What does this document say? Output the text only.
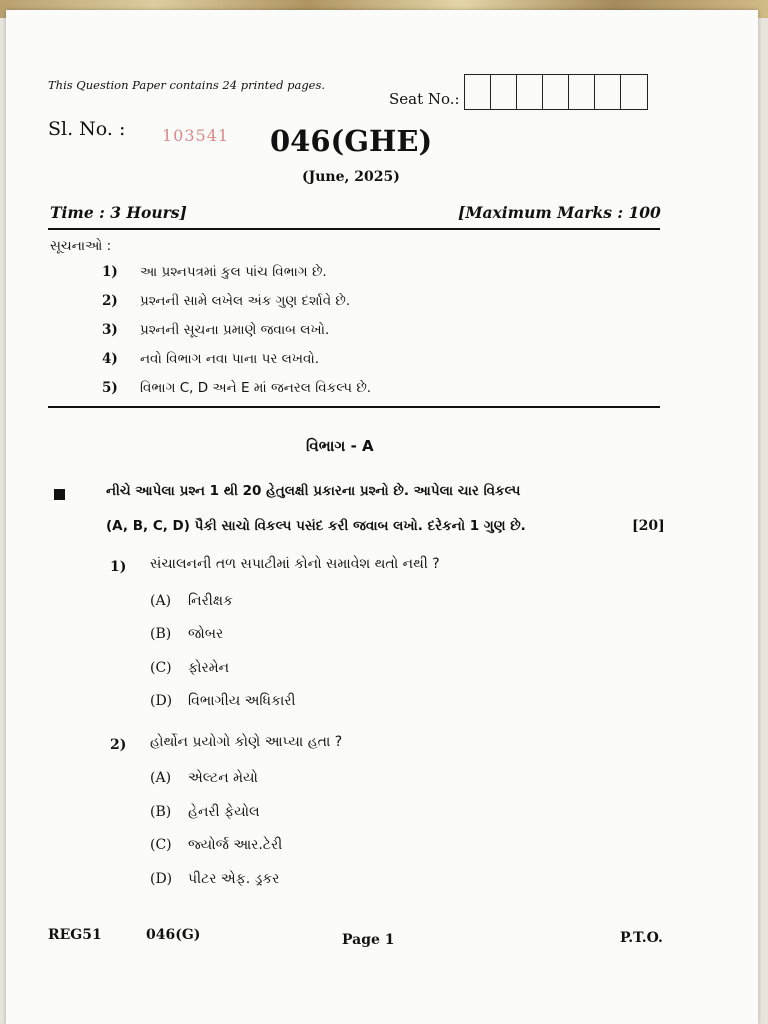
This Question Paper contains 24 printed pages.
Seat No.:
Sl. No. : 103541 046(GHE)
(June, 2025)
Time : 3 Hours]	[Maximum Marks : 100
સૂચનાઓ :
1) આ પ્રશ્નપત્રમાં કુલ પાંચ વિભાગ છે.
2) પ્રશ્નની સામે લખેલ અંક ગુણ દર્શાવે છે.
3) પ્રશ્નની સૂચના પ્રમાણે જવાબ લખો.
4) નવો વિભાગ નવા પાના પર લખવો.
5) વિભાગ C, D અને E માં જનરલ વિકલ્પ છે.
વિભાગ - A
નીચે આપેલા પ્રશ્ન 1 થી 20 હેતુલક્ષી પ્રકારના પ્રશ્નો છે. આપેલા ચાર વિકલ્પ
(A, B, C, D) પૈકી સાચો વિકલ્પ પસંદ કરી જવાબ લખો. દરેકનો 1 ગુણ છે.	[20]
1) સંચાલનની તળ સપાટીમાં કોનો સમાવેશ થતો નથી ?
(A) નિરીક્ષક
(B) જોબર
(C) ફોરમેન
(D) વિભાગીય અધિકારી
2) હોર્થોન પ્રયોગો કોણે આપ્યા હતા ?
(A) એલ્ટન મેયો
(B) હેનરી ફેયોલ
(C) જ્યોર્જ આર.ટેરી
(D) પીટર એફ. ડ્રકર
REG51	046(G)	Page 1	P.T.O.
